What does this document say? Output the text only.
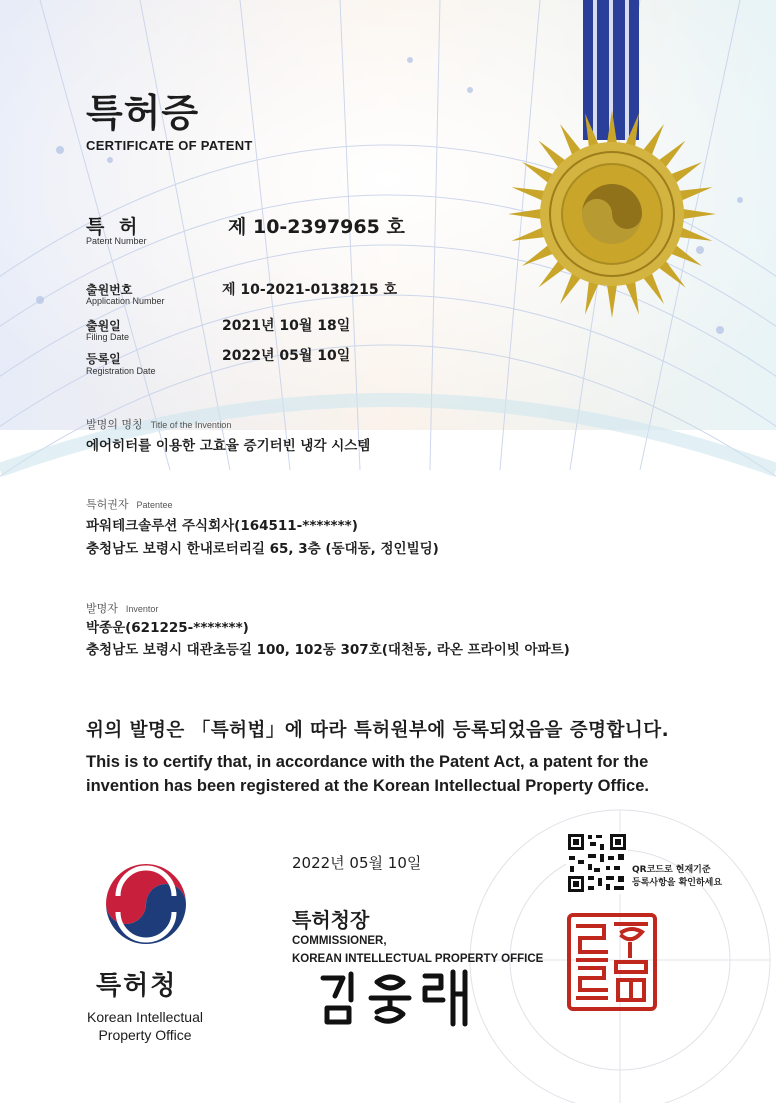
특허증
CERTIFICATE OF PATENT
특 허
Patent Number
제 10-2397965 호
출원번호
Application Number
제 10-2021-0138215 호
출원일
Filing Date
2021년 10월 18일
등록일
Registration Date
2022년 05월 10일
발명의 명칭 Title of the Invention
에어히터를 이용한 고효율 증기터빈 냉각 시스템
특허권자 Patentee
파워테크솔루션 주식회사(164511-*******)
충청남도 보령시 한내로터리길 65, 3층 (동대동, 정인빌딩)
발명자 Inventor
박종운(621225-*******)
충청남도 보령시 대관초등길 100, 102동 307호(대천동, 라온 프라이빗 아파트)
위의 발명은 「특허법」에 따라 특허원부에 등록되었음을 증명합니다.
This is to certify that, in accordance with the Patent Act, a patent for the invention has been registered at the Korean Intellectual Property Office.
2022년 05월 10일	QR코드로 현재기준
등록사항을 확인하세요
특허청장
COMMISSIONER,
KOREAN INTELLECTUAL PROPERTY OFFICE
특허청
Korean Intellectual
Property Office
